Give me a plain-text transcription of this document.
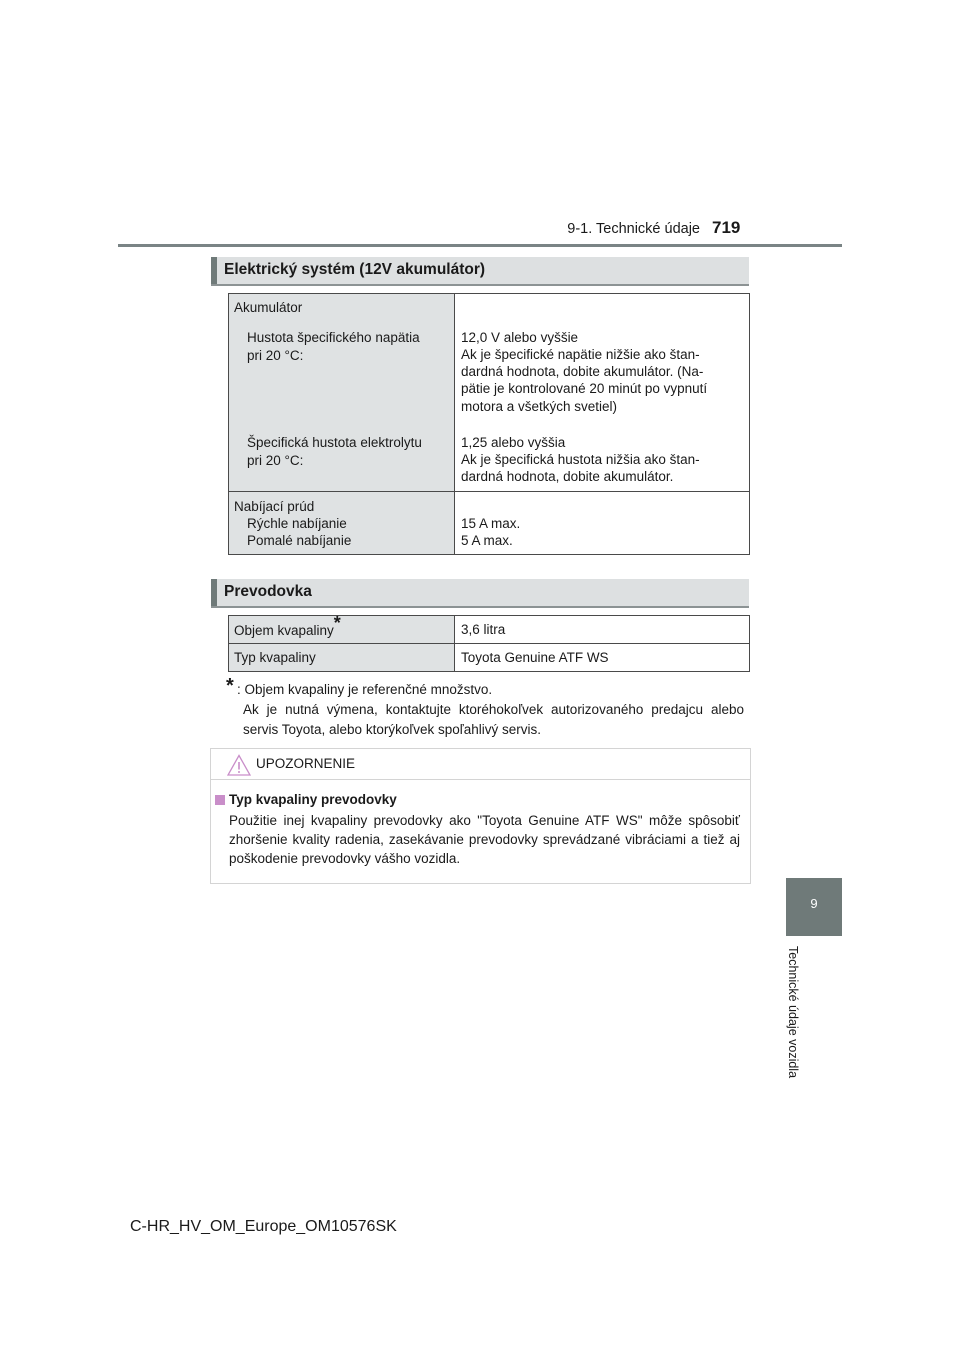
9-1. Technické údaje 719
9
Technické údaje vozidla
Elektrický systém (12V akumulátor)
Akumulátor
Hustota špecifického napätia
pri 20 °C:
Špecifická hustota elektrolytu
pri 20 °C:
12,0 V alebo vyššie
Ak je špecifické napätie nižšie ako štan-
dardná hodnota, dobite akumulátor. (Na-
pätie je kontrolované 20 minút po vypnutí
motora a všetkých svetiel)
1,25 alebo vyššia
Ak je špecifická hustota nižšia ako štan-
dardná hodnota, dobite akumulátor.
Nabíjací prúd
Rýchle nabíjanie
Pomalé nabíjanie
15 A max.
5 A max.
Prevodovka
Objem kvapaliny*	3,6 litra
Typ kvapaliny	Toyota Genuine ATF WS
* : Objem kvapaliny je referenčné množstvo.
Ak je nutná výmena, kontaktujte ktoréhokoľvek autorizovaného predajcu alebo servis Toyota, alebo ktorýkoľvek spoľahlivý servis.
UPOZORNENIE
Typ kvapaliny prevodovky
Použitie inej kvapaliny prevodovky ako "Toyota Genuine ATF WS" môže spôsobiť zhoršenie kvality radenia, zasekávanie prevodovky sprevádzané vibráciami a tiež aj poškodenie prevodovky vášho vozidla.
C-HR_HV_OM_Europe_OM10576SK
